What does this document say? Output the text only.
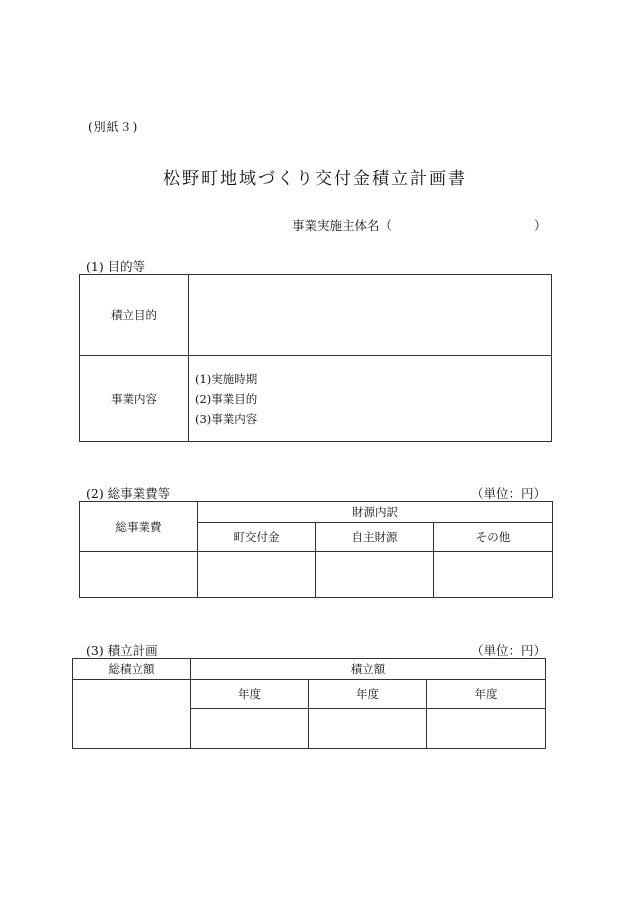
(別紙３)
松野町地域づくり交付金積立計画書
事業実施主体名（	）
(1) 目的等
積立目的	
事業内容	(1)実施時期
(2)事業目的
(3)事業内容
(2) 総事業費等	（単位：円）
総事業費	財源内訳		
	町交付金	自主財源	その他

(3) 積立計画	（単位：円）
総積立額	積立額		
	年度	年度	年度
